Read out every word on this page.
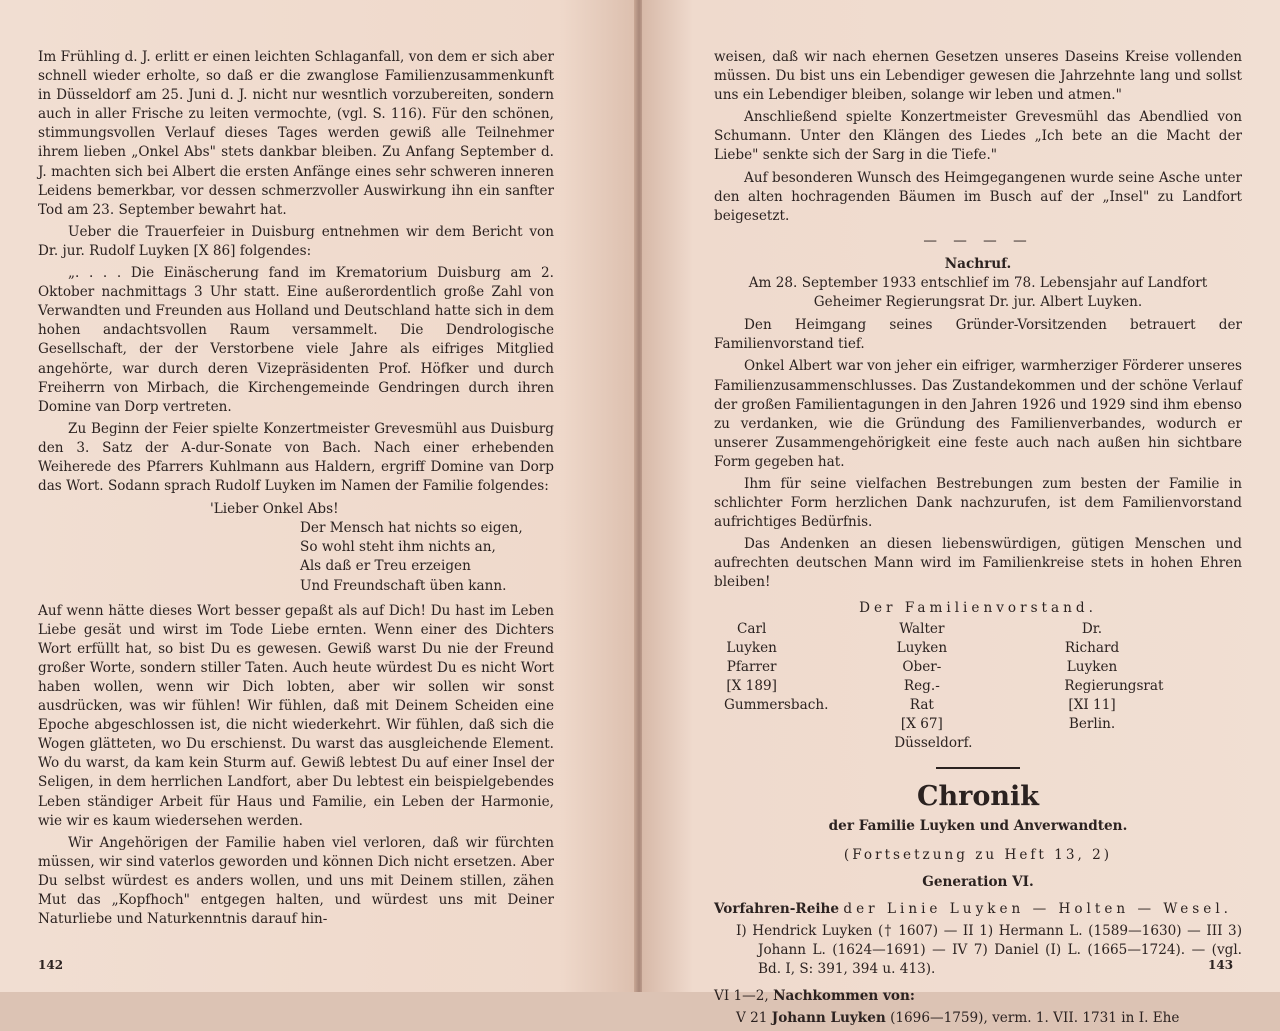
Im Frühling d. J. erlitt er einen leichten Schlaganfall, von dem er sich aber schnell wieder erholte, so daß er die zwanglose Familienzusammenkunft in Düsseldorf am 25. Juni d. J. nicht nur wesntlich vorzubereiten, sondern auch in aller Frische zu leiten vermochte, (vgl. S. 116). Für den schönen, stimmungsvollen Verlauf dieses Tages werden gewiß alle Teilnehmer ihrem lieben „Onkel Abs" stets dankbar bleiben. Zu Anfang September d. J. machten sich bei Albert die ersten Anfänge eines sehr schweren inneren Leidens bemerkbar, vor dessen schmerzvoller Auswirkung ihn ein sanfter Tod am 23. September bewahrt hat.

Ueber die Trauerfeier in Duisburg entnehmen wir dem Bericht von Dr. jur. Rudolf Luyken [X 86] folgendes:

„. . . . Die Einäscherung fand im Krematorium Duisburg am 2. Oktober nachmittags 3 Uhr statt. Eine außerordentlich große Zahl von Verwandten und Freunden aus Holland und Deutschland hatte sich in dem hohen andachtsvollen Raum versammelt. Die Dendrologische Gesellschaft, der der Verstorbene viele Jahre als eifriges Mitglied angehörte, war durch deren Vizepräsidenten Prof. Höfker und durch Freiherrn von Mirbach, die Kirchengemeinde Gendringen durch ihren Domine van Dorp vertreten.

Zu Beginn der Feier spielte Konzertmeister Grevesmühl aus Duisburg den 3. Satz der A-dur-Sonate von Bach. Nach einer erhebenden Weiherede des Pfarrers Kuhlmann aus Haldern, ergriff Domine van Dorp das Wort. Sodann sprach Rudolf Luyken im Namen der Familie folgendes:

'Lieber Onkel Abs!
Der Mensch hat nichts so eigen,
So wohl steht ihm nichts an,
Als daß er Treu erzeigen
Und Freundschaft üben kann.

Auf wenn hätte dieses Wort besser gepaßt als auf Dich! Du hast im Leben Liebe gesät und wirst im Tode Liebe ernten. Wenn einer des Dichters Wort erfüllt hat, so bist Du es gewesen. Gewiß warst Du nie der Freund großer Worte, sondern stiller Taten. Auch heute würdest Du es nicht Wort haben wollen, wenn wir Dich lobten, aber wir sollen wir sonst ausdrücken, was wir fühlen! Wir fühlen, daß mit Deinem Scheiden eine Epoche abgeschlossen ist, die nicht wiederkehrt. Wir fühlen, daß sich die Wogen glätteten, wo Du erschienst. Du warst das ausgleichende Element. Wo du warst, da kam kein Sturm auf. Gewiß lebtest Du auf einer Insel der Seligen, in dem herrlichen Landfort, aber Du lebtest ein beispielgebendes Leben ständiger Arbeit für Haus und Familie, ein Leben der Harmonie, wie wir es kaum wiedersehen werden.

Wir Angehörigen der Familie haben viel verloren, daß wir fürchten müssen, wir sind vaterlos geworden und können Dich nicht ersetzen. Aber Du selbst würdest es anders wollen, und uns mit Deinem stillen, zähen Mut das „Kopfhoch" entgegen halten, und würdest uns mit Deiner Naturliebe und Naturkenntnis darauf hin-

142

weisen, daß wir nach ehernen Gesetzen unseres Daseins Kreise vollenden müssen. Du bist uns ein Lebendiger gewesen die Jahrzehnte lang und sollst uns ein Lebendiger bleiben, solange wir leben und atmen."

Anschließend spielte Konzertmeister Grevesmühl das Abendlied von Schumann. Unter den Klängen des Liedes „Ich bete an die Macht der Liebe" senkte sich der Sarg in die Tiefe."

Auf besonderen Wunsch des Heimgegangenen wurde seine Asche unter den alten hochragenden Bäumen im Busch auf der „Insel" zu Landfort beigesetzt.

— — — —
Nachruf.
Am 28. September 1933 entschlief im 78. Lebensjahr auf Landfort
Geheimer Regierungsrat Dr. jur. Albert Luyken.

Den Heimgang seines Gründer-Vorsitzenden betrauert der Familienvorstand tief.

Onkel Albert war von jeher ein eifriger, warmherziger Förderer unseres Familienzusammenschlusses. Das Zustandekommen und der schöne Verlauf der großen Familientagungen in den Jahren 1926 und 1929 sind ihm ebenso zu verdanken, wie die Gründung des Familienverbandes, wodurch er unserer Zusammengehörigkeit eine feste auch nach außen hin sichtbare Form gegeben hat.

Ihm für seine vielfachen Bestrebungen zum besten der Familie in schlichter Form herzlichen Dank nachzurufen, ist dem Familienvorstand aufrichtiges Bedürfnis.

Das Andenken an diesen liebenswürdigen, gütigen Menschen und aufrechten deutschen Mann wird im Familienkreise stets in hohen Ehren bleiben!

Der Familienvorstand.
Carl Luyken
Pfarrer [X 189]
Gummersbach.
Walter Luyken
Ober-Reg.-Rat
[X 67] Düsseldorf.
Dr. Richard Luyken
Regierungsrat
[XI 11] Berlin.
Chronik
der Familie Luyken und Anverwandten.
(Fortsetzung zu Heft 13, 2)
Generation VI.

Vorfahren-Reihe der Linie Luyken — Holten — Wesel.

I) Hendrick Luyken († 1607) — II 1) Hermann L. (1589—1630) — III 3) Johann L. (1624—1691) — IV 7) Daniel (I) L. (1665—1724). — (vgl. Bd. I, S: 391, 394 u. 413).

VI 1—2, Nachkommen von:

V 21 Johann Luyken (1696—1759), verm. 1. VII. 1731 in I. Ehe

143
